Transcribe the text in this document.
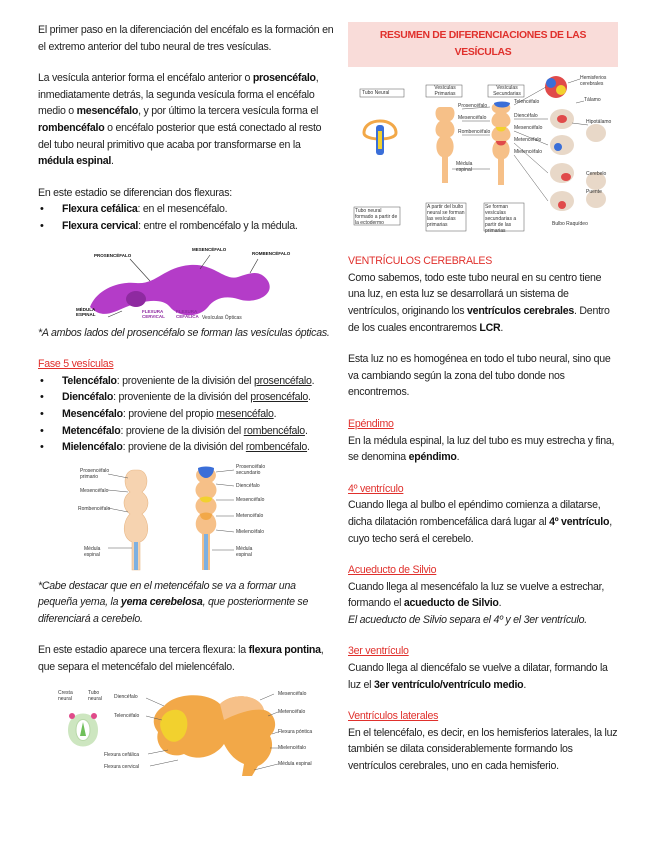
El primer paso en la diferenciación del encéfalo es la formación en el extremo anterior del tubo neural de tres vesículas.

La vesícula anterior forma el encéfalo anterior o prosencéfalo, inmediatamente detrás, la segunda vesícula forma el encéfalo medio o mesencéfalo, y por último la tercera vesícula forma el rombencéfalo o encéfalo posterior que está conectado al resto del tubo neural primitivo que acaba por transformarse en la médula espinal.

En este estadio se diferencian dos flexuras:

• Flexura cefálica: en el mesencéfalo.
• Flexura cervical: entre el rombencéfalo y la médula.
PROSENCÉFALO
MESENCÉFALO
ROMBENCÉFALO
MÉDULA ESPINAL
FLEXURA CERVICAL
FLEXURA CEFÁLICA Vesículas Ópticas

*A ambos lados del prosencéfalo se forman las vesículas ópticas.

Fase 5 vesículas

• Telencéfalo: proveniente de la división del prosencéfalo.
• Diencéfalo: proveniente de la división del prosencéfalo.
• Mesencéfalo: proviene del propio mesencéfalo.
• Metencéfalo: proviene de la división del rombencéfalo.
• Mielencéfalo: proviene de la división del rombencéfalo.
Prosencéfalo primario
Mesencéfalo
Rombencéfalo
Médula espinal
Prosencéfalo secundario
Diencéfalo
Mesencéfalo
Metencéfalo
Mielencéfalo
Médula espinal

*Cabe destacar que en el metencéfalo se va a formar una pequeña yema, la yema cerebelosa, que posteriormente se diferenciará a cerebelo.

En este estadio aparece una tercera flexura: la flexura pontina, que separa el metencéfalo del mielencéfalo.

Cresta neural
Tubo neural	Diencéfalo
Telencéfalo
Flexura cefálica
Flexura cervical
Mesencéfalo
Metencéfalo
Flexura póntica
Mielencéfalo
Médula espinal
RESUMEN DE DIFERENCIACIONES DE LAS VESÍCULAS
Tubo Neural
Vesículas Primarias
Vesículas Secundarias
Prosencéfalo
Mesencéfalo
Rombencéfalo
Médula espinal
Telencéfalo
Diencéfalo
Mesencéfalo
Metencéfalo
Mielencéfalo
Hemisferios cerebrales
Tálamo
Hipotálamo
Cerebelo
Puente
Bulbo Raquídeo
Tubo neural formado a partir de la ectodermo
A partir del bulto neural se forman las vesículas primarias
Se forman vesículas secundarias a partir de las primarias

VENTRÍCULOS CEREBRALES

Como sabemos, todo este tubo neural en su centro tiene una luz, en esta luz se desarrollará un sistema de ventrículos, originando los ventrículos cerebrales. Dentro de los cuales encontraremos LCR.

Esta luz no es homogénea en todo el tubo neural, sino que va cambiando según la zona del tubo donde nos encontremos.

Epéndimo

En la médula espinal, la luz del tubo es muy estrecha y fina, se denomina epéndimo.

4º ventrículo

Cuando llega al bulbo el epéndimo comienza a dilatarse, dicha dilatación rombencefálica dará lugar al 4º ventrículo, cuyo techo será el cerebelo.

Acueducto de Silvio

Cuando llega al mesencéfalo la luz se vuelve a estrechar, formando el acueducto de Silvio.

El acueducto de Silvio separa el 4º y el 3er ventrículo.

3er ventrículo

Cuando llega al diencéfalo se vuelve a dilatar, formando la luz el 3er ventrículo/ventrículo medio.

Ventrículos laterales

En el telencéfalo, es decir, en los hemisferios laterales, la luz también se dilata considerablemente formando los ventrículos cerebrales, uno en cada hemisferio.
